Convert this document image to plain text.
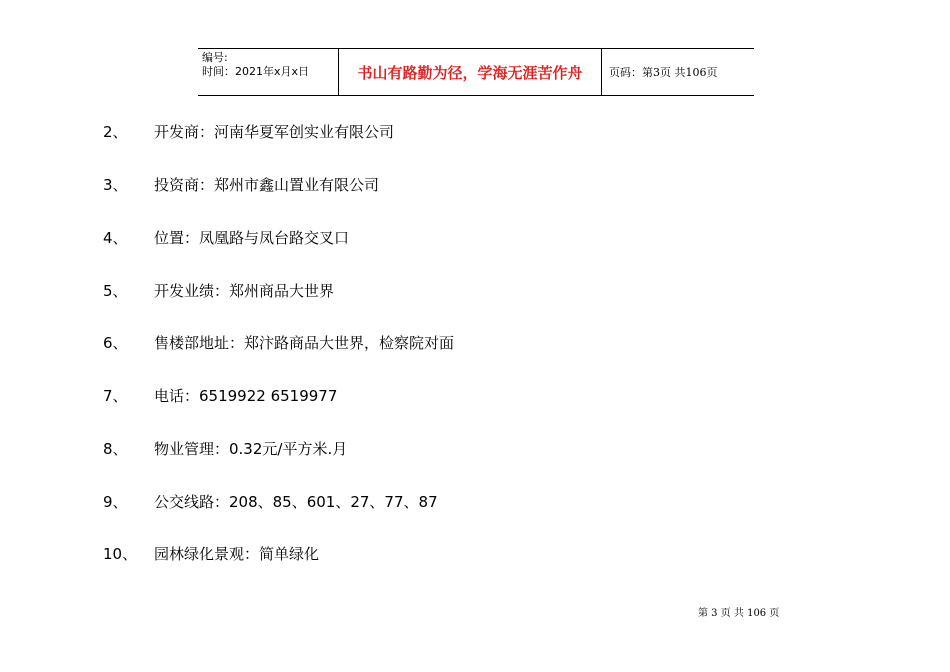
编号:
时间：2021年x月x日	书山有路勤为径，学海无涯苦作舟	页码：第3页 共106页
2、	开发商：河南华夏军创实业有限公司
3、	投资商：郑州市鑫山置业有限公司
4、	位置：凤凰路与凤台路交叉口
5、	开发业绩：郑州商品大世界
6、	售楼部地址：郑汴路商品大世界，检察院对面
7、	电话：6519922 6519977
8、	物业管理：0.32元/平方米.月
9、	公交线路：208、85、601、27、77、87
10、	园林绿化景观：简单绿化
第 3 页 共 106 页
